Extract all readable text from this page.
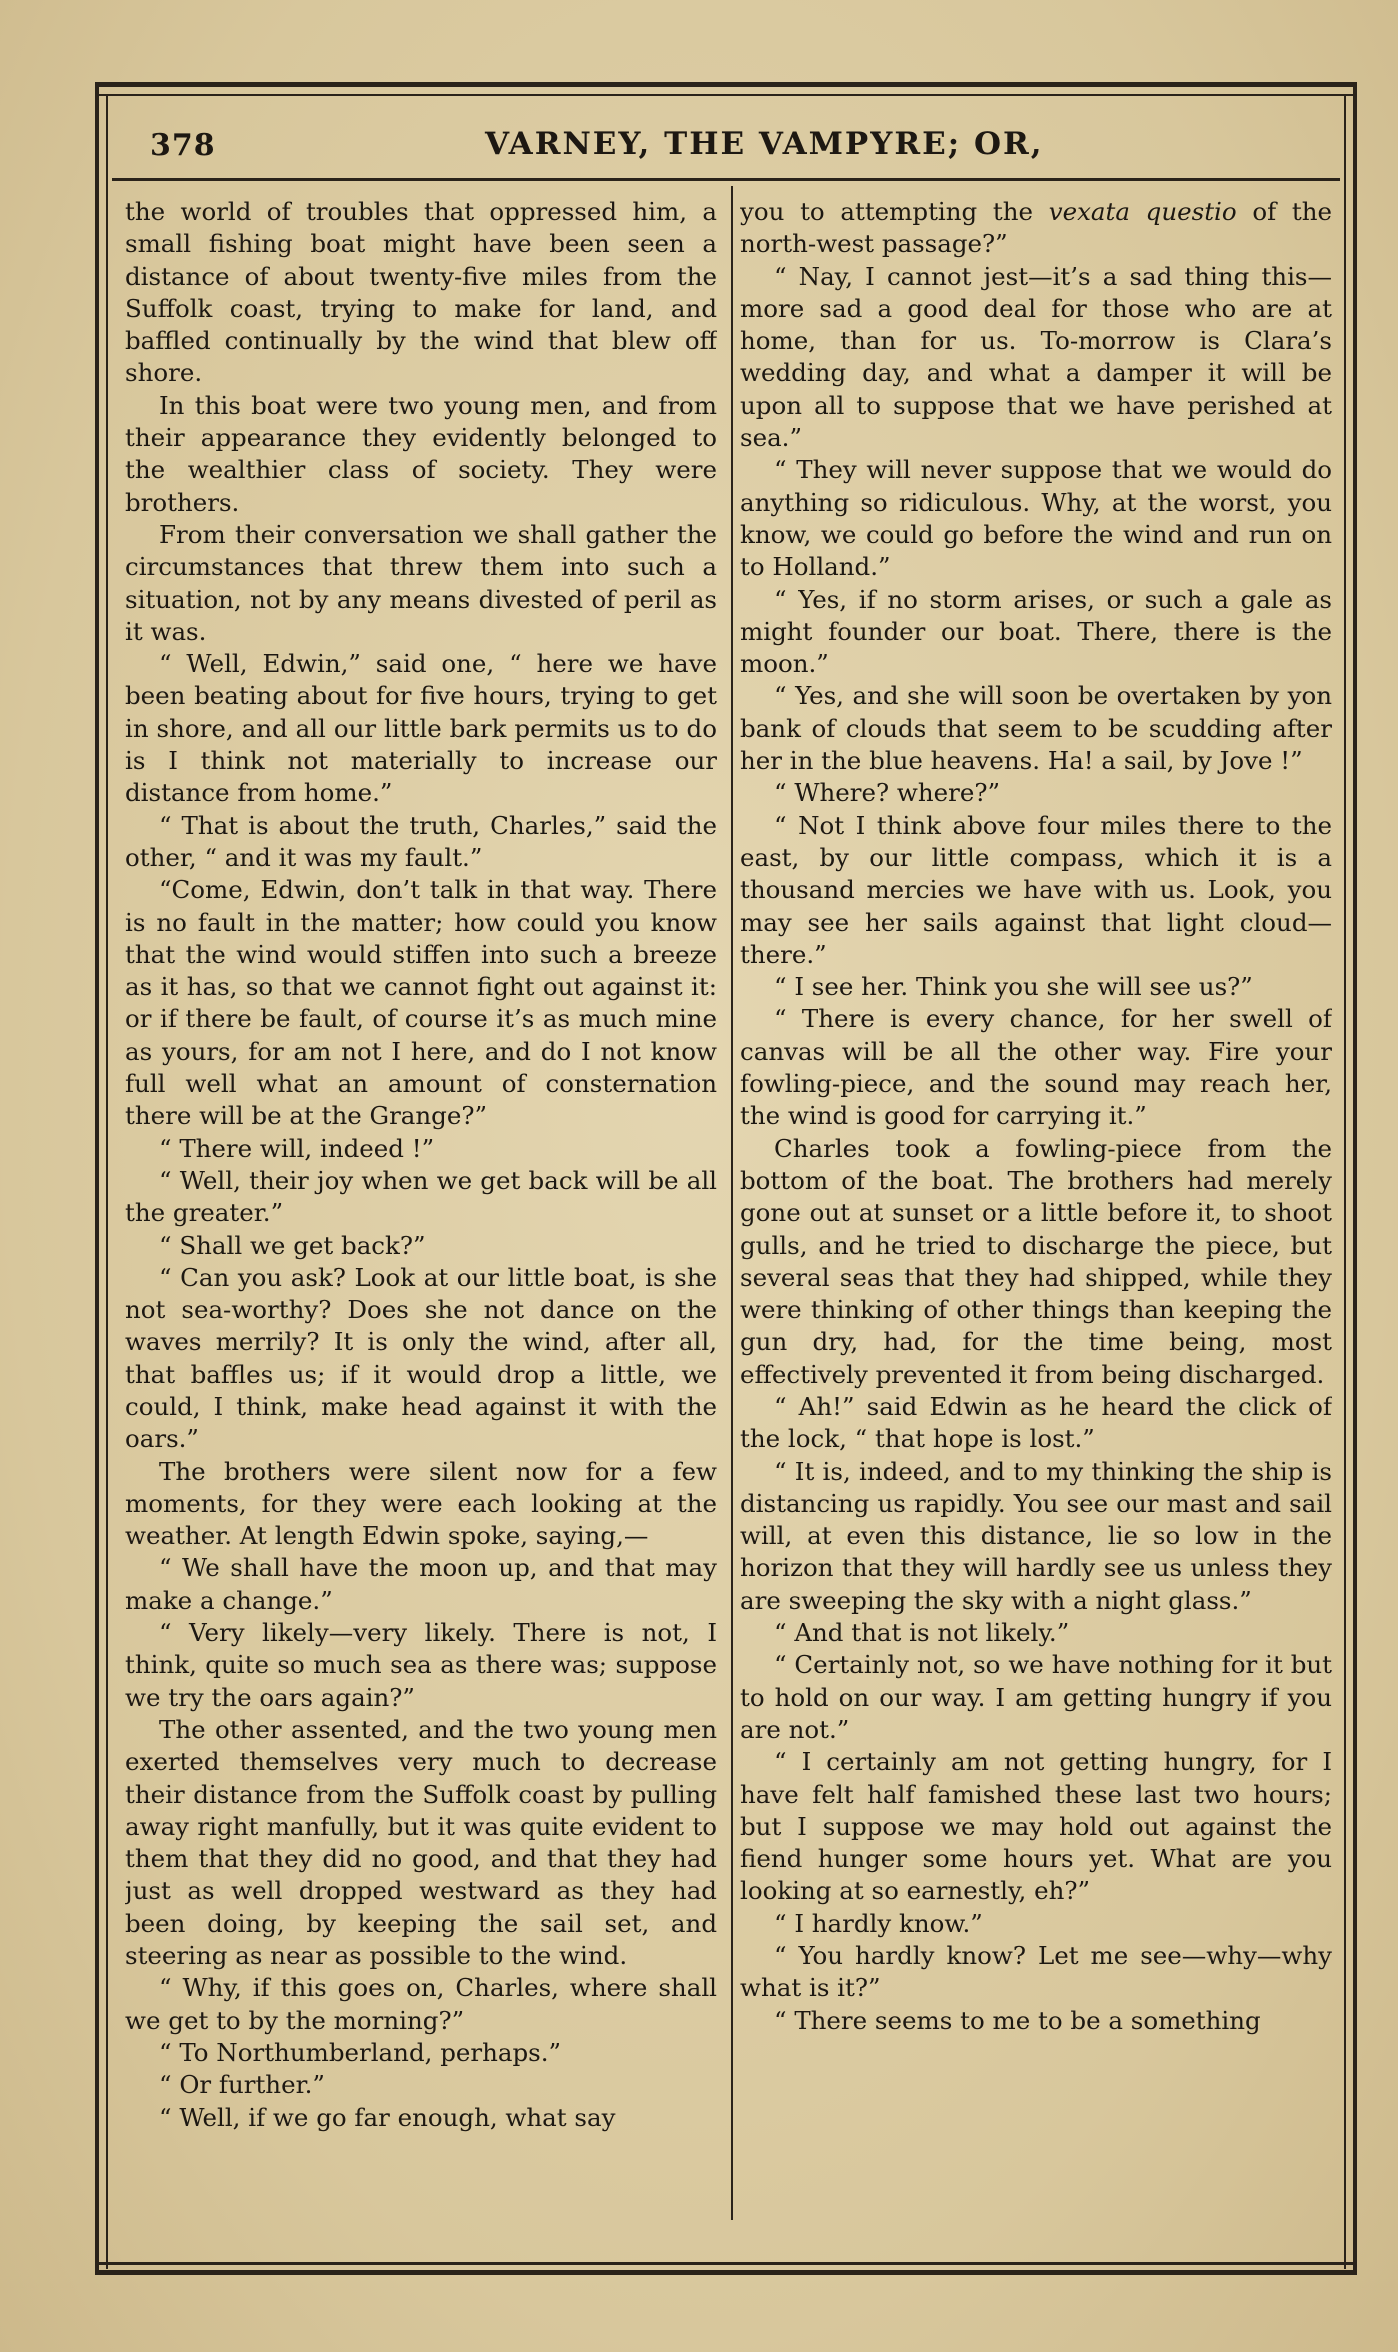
378	VARNEY, THE VAMPYRE; OR,

the world of troubles that oppressed him, a small fishing boat might have been seen a distance of about twenty-five miles from the Suffolk coast, trying to make for land, and baffled continually by the wind that blew off shore.

In this boat were two young men, and from their appearance they evidently belonged to the wealthier class of society. They were brothers.

From their conversation we shall gather the circumstances that threw them into such a situation, not by any means divested of peril as it was.

“ Well, Edwin,” said one, “ here we have been beating about for five hours, trying to get in shore, and all our little bark permits us to do is I think not materially to increase our distance from home.”

“ That is about the truth, Charles,” said the other, “ and it was my fault.”

“Come, Edwin, don’t talk in that way. There is no fault in the matter; how could you know that the wind would stiffen into such a breeze as it has, so that we cannot fight out against it: or if there be fault, of course it’s as much mine as yours, for am not I here, and do I not know full well what an amount of consternation there will be at the Grange?”

“ There will, indeed !”

“ Well, their joy when we get back will be all the greater.”

“ Shall we get back?”

“ Can you ask? Look at our little boat, is she not sea-worthy? Does she not dance on the waves merrily? It is only the wind, after all, that baffles us; if it would drop a little, we could, I think, make head against it with the oars.”

The brothers were silent now for a few moments, for they were each looking at the weather. At length Edwin spoke, saying,—

“ We shall have the moon up, and that may make a change.”

“ Very likely—very likely. There is not, I think, quite so much sea as there was; suppose we try the oars again?”

The other assented, and the two young men exerted themselves very much to decrease their distance from the Suffolk coast by pulling away right manfully, but it was quite evident to them that they did no good, and that they had just as well dropped westward as they had been doing, by keeping the sail set, and steering as near as possible to the wind.

“ Why, if this goes on, Charles, where shall we get to by the morning?”

“ To Northumberland, perhaps.”

“ Or further.”

“ Well, if we go far enough, what say

you to attempting the vexata questio of the north-west passage?”

“ Nay, I cannot jest—it’s a sad thing this—more sad a good deal for those who are at home, than for us. To-morrow is Clara’s wedding day, and what a damper it will be upon all to suppose that we have perished at sea.”

“ They will never suppose that we would do anything so ridiculous. Why, at the worst, you know, we could go before the wind and run on to Holland.”

“ Yes, if no storm arises, or such a gale as might founder our boat. There, there is the moon.”

“ Yes, and she will soon be overtaken by yon bank of clouds that seem to be scudding after her in the blue heavens. Ha! a sail, by Jove !”

“ Where? where?”

“ Not I think above four miles there to the east, by our little compass, which it is a thousand mercies we have with us. Look, you may see her sails against that light cloud—there.”

“ I see her. Think you she will see us?”

“ There is every chance, for her swell of canvas will be all the other way. Fire your fowling-piece, and the sound may reach her, the wind is good for carrying it.”

Charles took a fowling-piece from the bottom of the boat. The brothers had merely gone out at sunset or a little before it, to shoot gulls, and he tried to discharge the piece, but several seas that they had shipped, while they were thinking of other things than keeping the gun dry, had, for the time being, most effectively prevented it from being discharged.

“ Ah!” said Edwin as he heard the click of the lock, “ that hope is lost.”

“ It is, indeed, and to my thinking the ship is distancing us rapidly. You see our mast and sail will, at even this distance, lie so low in the horizon that they will hardly see us unless they are sweeping the sky with a night glass.”

“ And that is not likely.”

“ Certainly not, so we have nothing for it but to hold on our way. I am getting hungry if you are not.”

“ I certainly am not getting hungry, for I have felt half famished these last two hours; but I suppose we may hold out against the fiend hunger some hours yet. What are you looking at so earnestly, eh?”

“ I hardly know.”

“ You hardly know? Let me see—why—why what is it?”

“ There seems to me to be a something
